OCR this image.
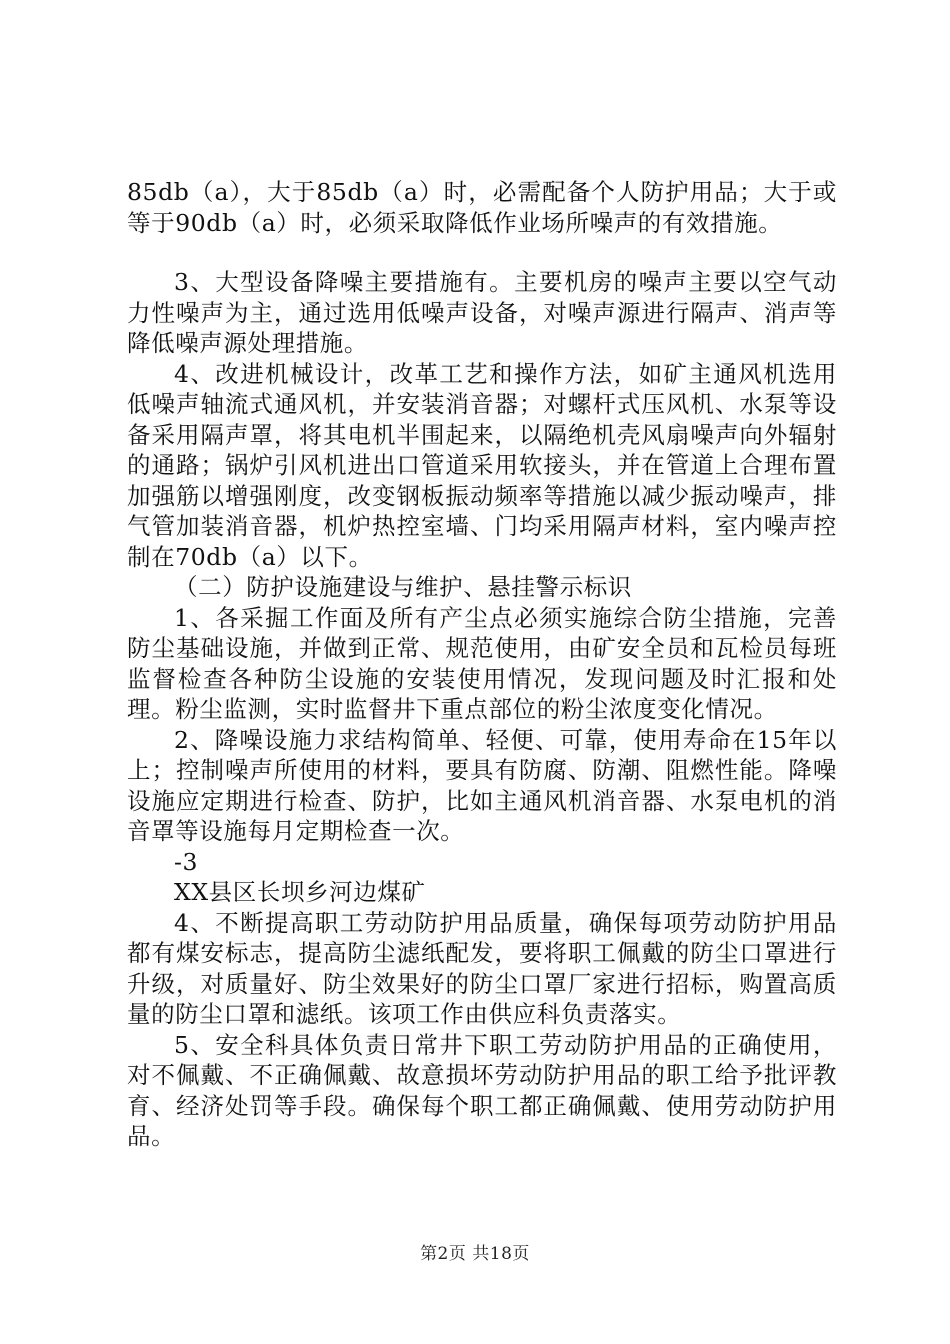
85db（a），大于85db（a）时，必需配备个人防护用品；大于或等于90db（a）时，必须采取降低作业场所噪声的有效措施。

3、大型设备降噪主要措施有。主要机房的噪声主要以空气动力性噪声为主，通过选用低噪声设备，对噪声源进行隔声、消声等降低噪声源处理措施。

4、改进机械设计，改革工艺和操作方法，如矿主通风机选用低噪声轴流式通风机，并安装消音器；对螺杆式压风机、水泵等设备采用隔声罩，将其电机半围起来，以隔绝机壳风扇噪声向外辐射的通路；锅炉引风机进出口管道采用软接头，并在管道上合理布置加强筋以增强刚度，改变钢板振动频率等措施以减少振动噪声，排气管加装消音器，机炉热控室墙、门均采用隔声材料，室内噪声控制在70db（a）以下。

（二）防护设施建设与维护、悬挂警示标识

1、各采掘工作面及所有产尘点必须实施综合防尘措施，完善防尘基础设施，并做到正常、规范使用，由矿安全员和瓦检员每班监督检查各种防尘设施的安装使用情况，发现问题及时汇报和处理。粉尘监测，实时监督井下重点部位的粉尘浓度变化情况。

2、降噪设施力求结构简单、轻便、可靠，使用寿命在15年以上；控制噪声所使用的材料，要具有防腐、防潮、阻燃性能。降噪设施应定期进行检查、防护，比如主通风机消音器、水泵电机的消音罩等设施每月定期检查一次。

-3

XX县区长坝乡河边煤矿

4、不断提高职工劳动防护用品质量，确保每项劳动防护用品都有煤安标志，提高防尘滤纸配发，要将职工佩戴的防尘口罩进行升级，对质量好、防尘效果好的防尘口罩厂家进行招标，购置高质量的防尘口罩和滤纸。该项工作由供应科负责落实。

5、安全科具体负责日常井下职工劳动防护用品的正确使用，对不佩戴、不正确佩戴、故意损坏劳动防护用品的职工给予批评教育、经济处罚等手段。确保每个职工都正确佩戴、使用劳动防护用品。

第2页 共18页
